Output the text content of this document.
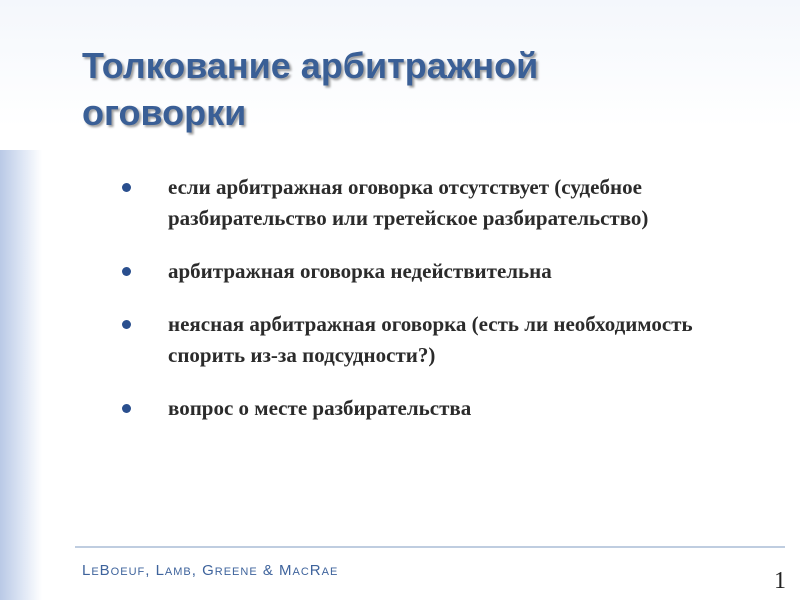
Толкование арбитражной оговорки
если арбитражная оговорка отсутствует (судебное разбирательство или третейское разбирательство)
арбитражная оговорка недействительна
неясная арбитражная оговорка (есть ли необходимость спорить из-за подсудности?)
вопрос о месте разбирательства
LeBoeuf, Lamb, Greene & MacRae	1
